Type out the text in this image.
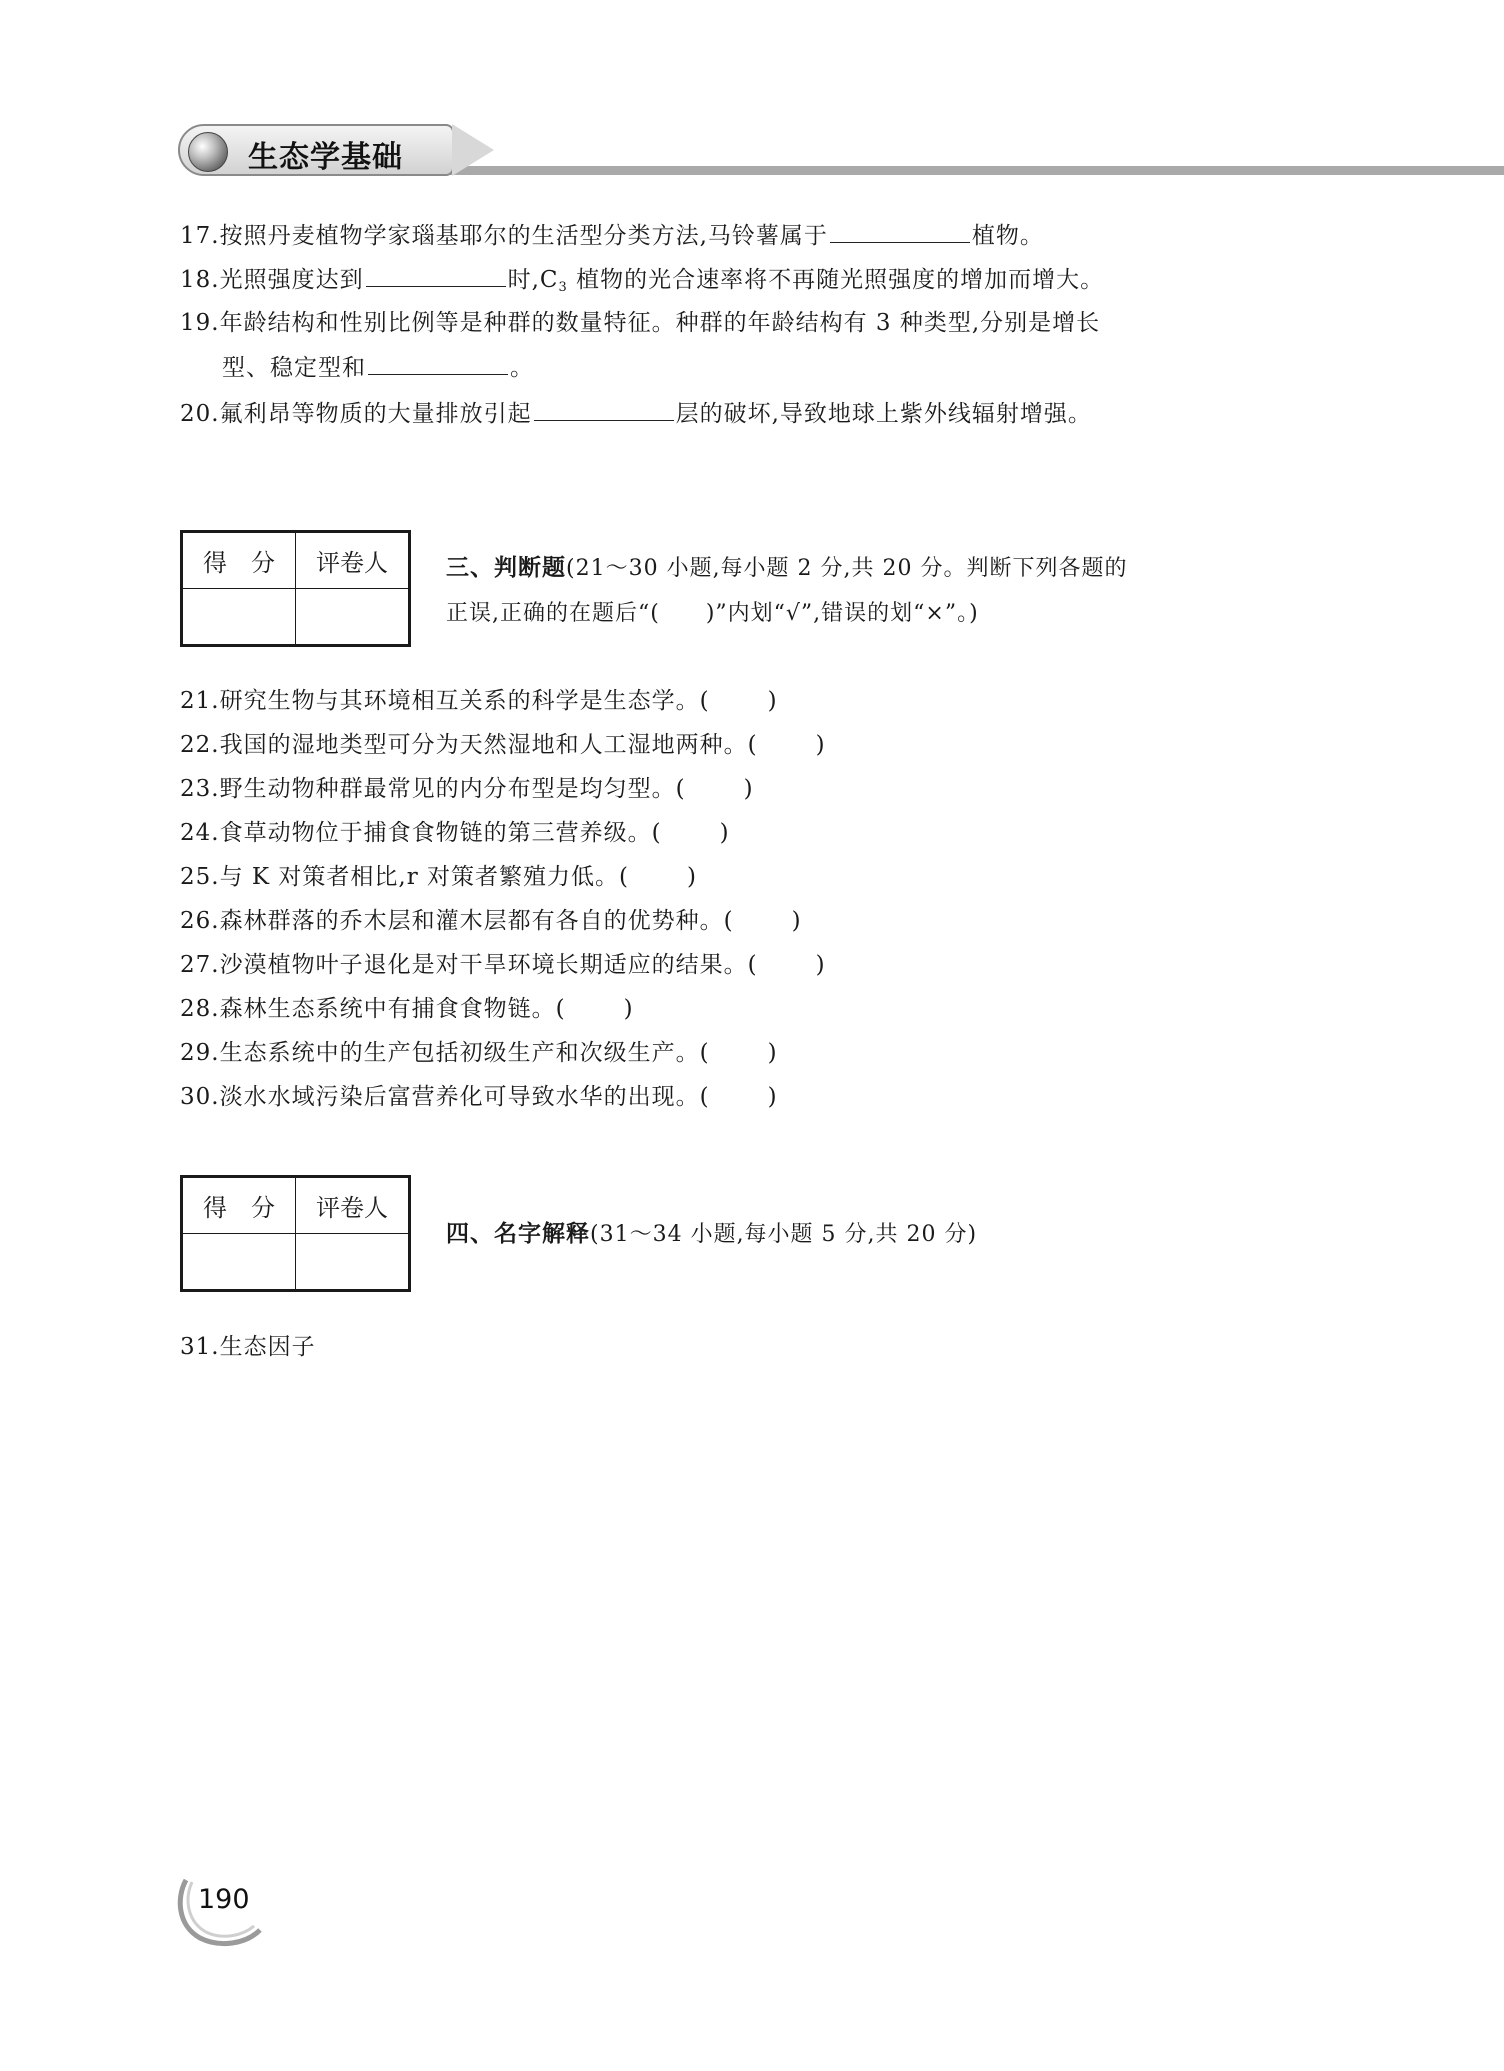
生态学基础
17.按照丹麦植物学家瑙基耶尔的生活型分类方法,马铃薯属于	植物。
18.光照强度达到	时$,C_3$ 植物的光合速率将不再随光照强度的增加而增大。
19.年龄结构和性别比例等是种群的数量特征。种群的年龄结构有 3 种类型,分别是增长
型、稳定型和	。
20.氟利昂等物质的大量排放引起	层的破坏,导致地球上紫外线辐射增强。
得　分	评卷人
		三、判断题(21～30 小题,每小题 2 分,共 20 分。判断下列各题的
正误,正确的在题后“(　　)”内划“√”,错误的划“×”。)
21.研究生物与其环境相互关系的科学是生态学。(	)
22.我国的湿地类型可分为天然湿地和人工湿地两种。(	)
23.野生动物种群最常见的内分布型是均匀型。(	)
24.食草动物位于捕食食物链的第三营养级。(	)
25.与 K 对策者相比,r 对策者繁殖力低。(	)
26.森林群落的乔木层和灌木层都有各自的优势种。(	)
27.沙漠植物叶子退化是对干旱环境长期适应的结果。(	)
28.森林生态系统中有捕食食物链。(	)
29.生态系统中的生产包括初级生产和次级生产。(	)
30.淡水水域污染后富营养化可导致水华的出现。(	)
得　分	评卷人

四、名字解释(31～34 小题,每小题 5 分,共 20 分)
31.生态因子
190
